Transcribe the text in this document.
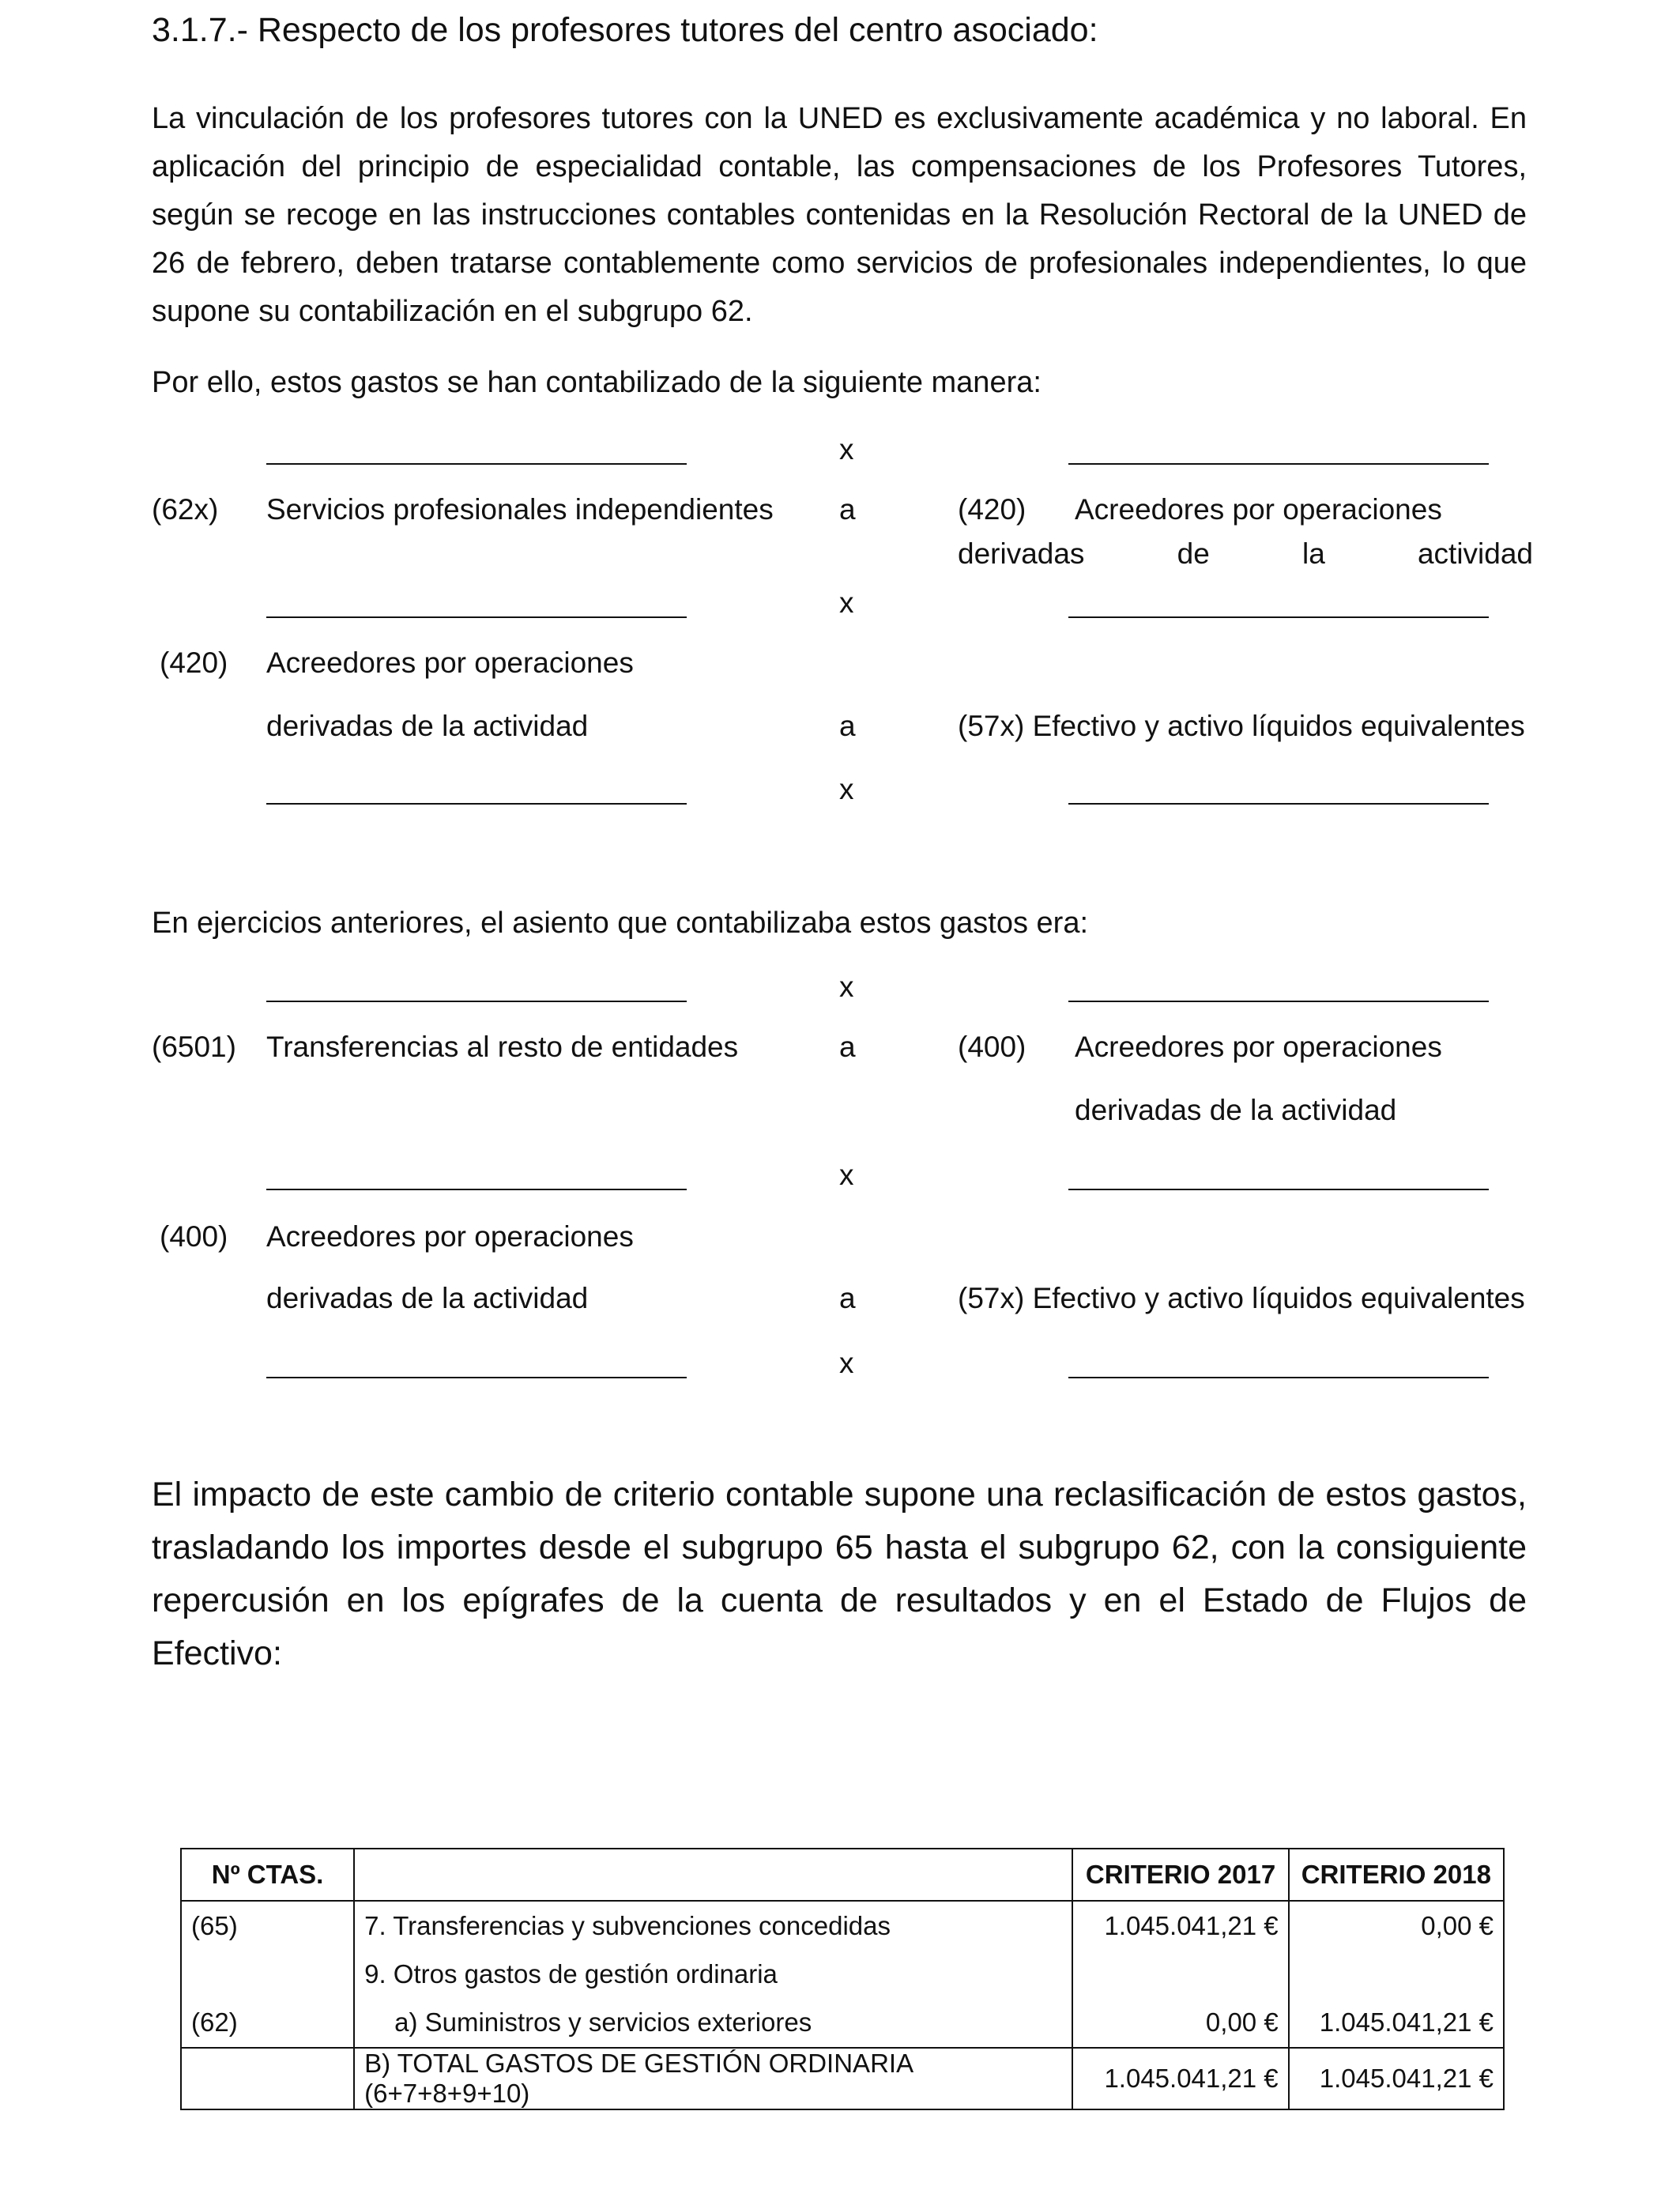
3.1.7.- Respecto de los profesores tutores del centro asociado:

La vinculación de los profesores tutores con la UNED es exclusivamente académica y no laboral. En aplicación del principio de especialidad contable, las compensaciones de los Profesores Tutores, según se recoge en las instrucciones contables contenidas en la Resolución Rectoral de la UNED de 26 de febrero, deben tratarse contablemente como servicios de profesionales independientes, lo que supone su contabilización en el subgrupo 62.

Por ello, estos gastos se han contabilizado de la siguiente manera:

x
(62x) Servicios profesionales independientes a	(420) Acreedores por operaciones
derivadas	de	la	actividad
x
(420) Acreedores por operaciones
derivadas de la actividad	a	(57x) Efectivo y activo líquidos equivalentes
x

En ejercicios anteriores, el asiento que contabilizaba estos gastos era:

x
(6501) Transferencias al resto de entidades	a	(400) Acreedores por operaciones
derivadas de la actividad
x
(400) Acreedores por operaciones
derivadas de la actividad	a	(57x) Efectivo y activo líquidos equivalentes
x

El impacto de este cambio de criterio contable supone una reclasificación de estos gastos, trasladando los importes desde el subgrupo 65 hasta el subgrupo 62, con la consiguiente repercusión en los epígrafes de la cuenta de resultados y en el Estado de Flujos de Efectivo:

Nº CTAS.		CRITERIO 2017	CRITERIO 2018
(65)	7. Transferencias y subvenciones concedidas	1.045.041,21 €	0,00 €
	9. Otros gastos de gestión ordinaria		
(62)	a) Suministros y servicios exteriores	0,00 €	1.045.041,21 €
	B) TOTAL GASTOS DE GESTIÓN ORDINARIA (6+7+8+9+10)	1.045.041,21 €	1.045.041,21 €
